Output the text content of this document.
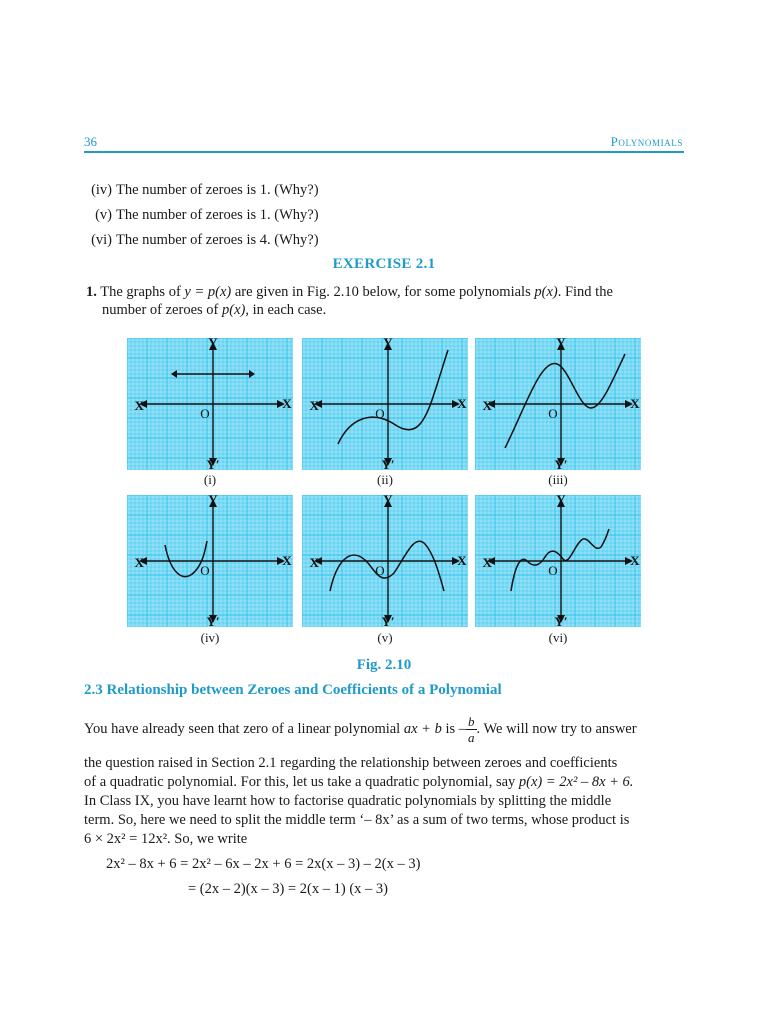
36	Polynomials
(iv) The number of zeroes is 1. (Why?)
(v) The number of zeroes is 1. (Why?)
(vi) The number of zeroes is 4. (Why?)
EXERCISE 2.1
1. The graphs of y = p(x) are given in Fig. 2.10 below, for some polynomials p(x). Find the
number of zeroes of p(x), in each case.
Y
Y′
X
X′
O
Y
Y′
X
X′
O
Y
Y′
X
X′
O
Y
Y′
X
X′
O
Y
Y′
X
X′
O
Y
Y′
X
X′
O
(i)	(ii)	(iii)
(iv)	(v)	(vi)
Fig. 2.10
2.3 Relationship between Zeroes and Coefficients of a Polynomial
You have already seen that zero of a linear polynomial ax + b is – $\frac{b}{a}$ . We will now try to answer
the question raised in Section 2.1 regarding the relationship between zeroes and coefficients
of a quadratic polynomial. For this, let us take a quadratic polynomial, say p(x) = 2x² – 8x + 6.
In Class IX, you have learnt how to factorise quadratic polynomials by splitting the middle
term. So, here we need to split the middle term ‘– 8x’ as a sum of two terms, whose product is
6 × 2x² = 12x². So, we write
2x² – 8x + 6 = 2x² – 6x – 2x + 6 = 2x(x – 3) – 2(x – 3)
= (2x – 2)(x – 3) = 2(x – 1) (x – 3)
